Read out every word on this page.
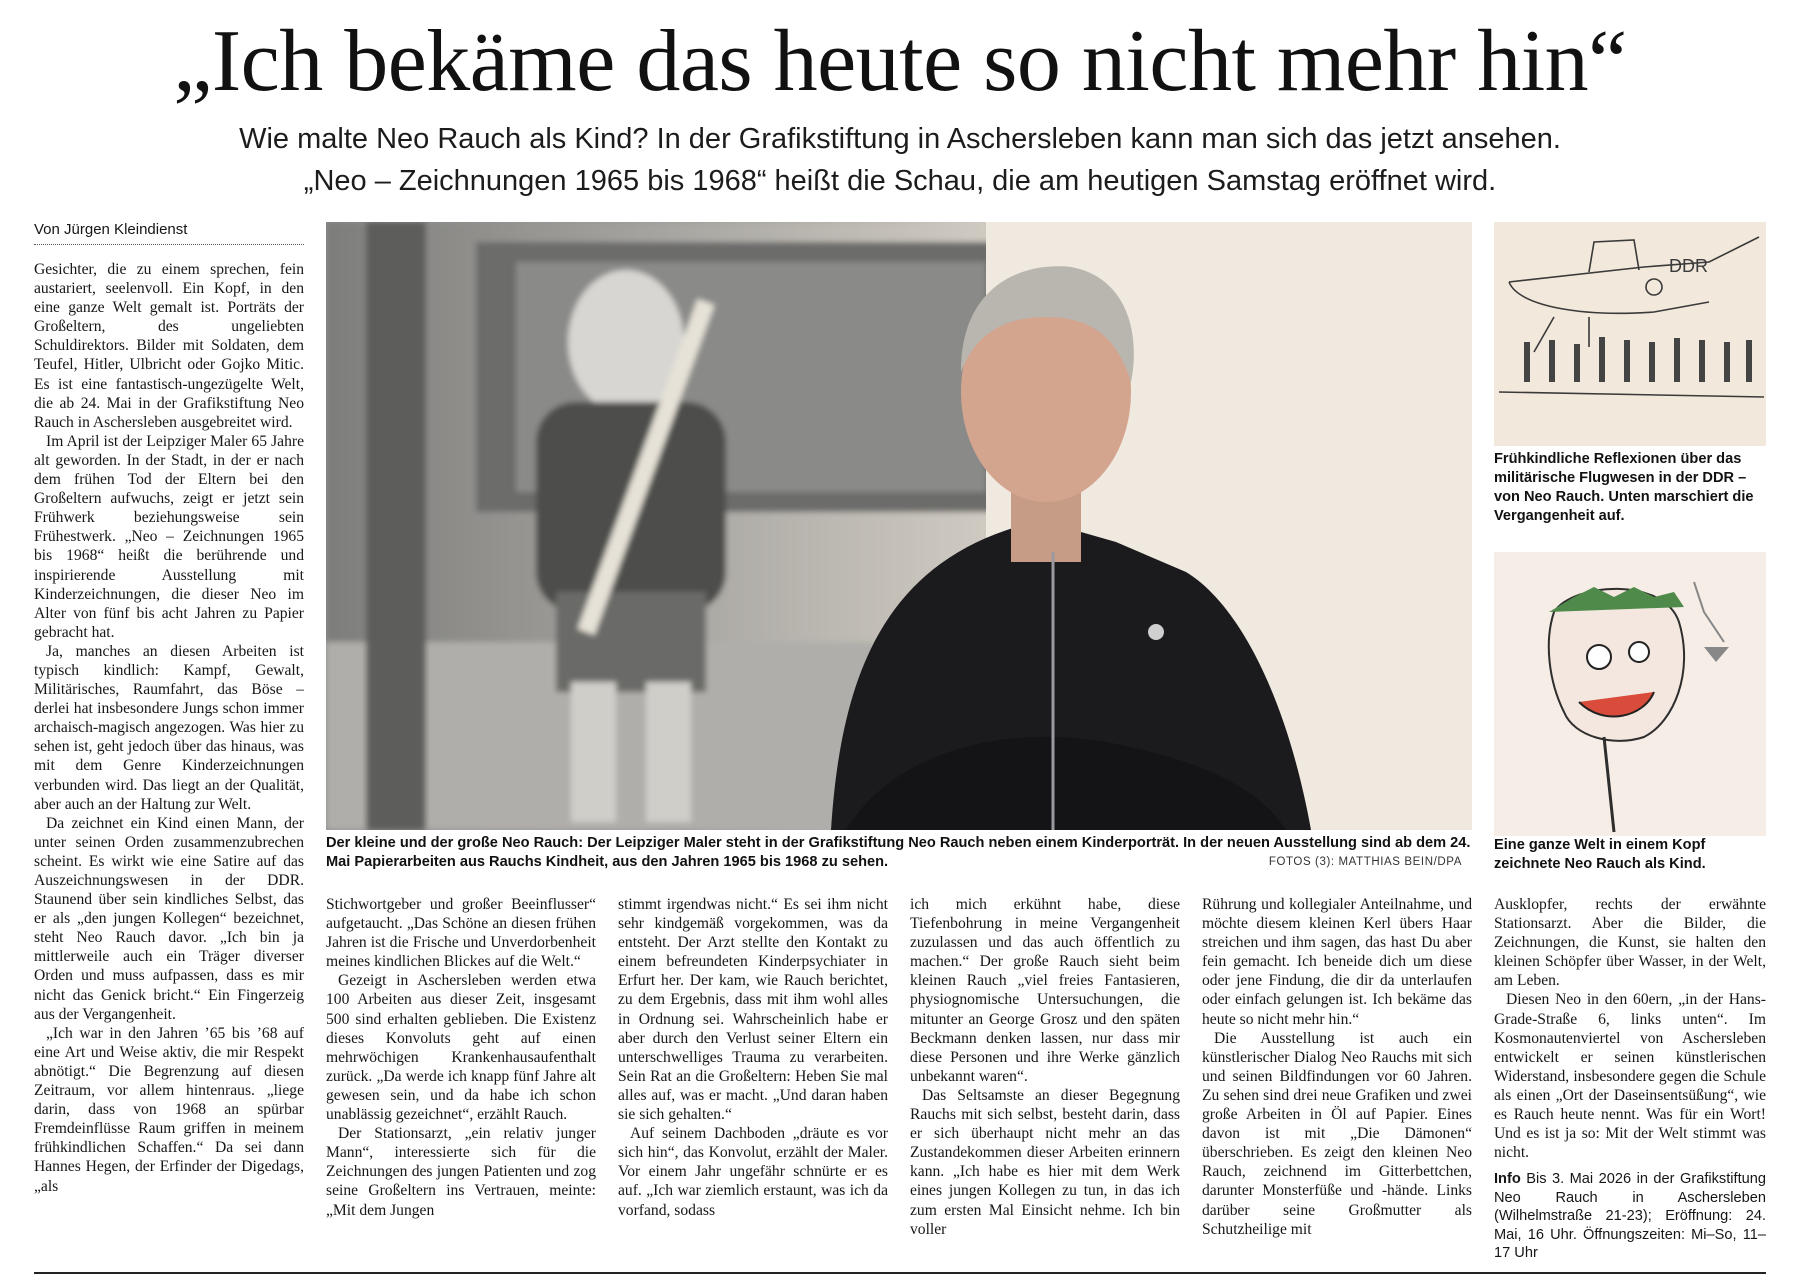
„Ich bekäme das heute so nicht mehr hin“
Wie malte Neo Rauch als Kind? In der Grafikstiftung in Aschersleben kann man sich das jetzt ansehen.
„Neo – Zeichnungen 1965 bis 1968“ heißt die Schau, die am heutigen Samstag eröffnet wird.
Von Jürgen Kleindienst

Gesichter, die zu einem sprechen, fein austariert, seelenvoll. Ein Kopf, in den eine ganze Welt gemalt ist. Porträts der Großeltern, des ungeliebten Schuldirektors. Bilder mit Soldaten, dem Teufel, Hitler, Ulbricht oder Gojko Mitic. Es ist eine fantastisch-ungezügelte Welt, die ab 24. Mai in der Grafikstiftung Neo Rauch in Aschersleben ausgebreitet wird.

Im April ist der Leipziger Maler 65 Jahre alt geworden. In der Stadt, in der er nach dem frühen Tod der Eltern bei den Großeltern aufwuchs, zeigt er jetzt sein Frühwerk beziehungsweise sein Frühestwerk. „Neo – Zeichnungen 1965 bis 1968“ heißt die berührende und inspirierende Ausstellung mit Kinderzeichnungen, die dieser Neo im Alter von fünf bis acht Jahren zu Papier gebracht hat.

Ja, manches an diesen Arbeiten ist typisch kindlich: Kampf, Gewalt, Militärisches, Raumfahrt, das Böse – derlei hat insbesondere Jungs schon immer archaisch-magisch angezogen. Was hier zu sehen ist, geht jedoch über das hinaus, was mit dem Genre Kinderzeichnungen verbunden wird. Das liegt an der Qualität, aber auch an der Haltung zur Welt.

Da zeichnet ein Kind einen Mann, der unter seinen Orden zusammenzubrechen scheint. Es wirkt wie eine Satire auf das Auszeichnungswesen in der DDR. Staunend über sein kindliches Selbst, das er als „den jungen Kollegen“ bezeichnet, steht Neo Rauch davor. „Ich bin ja mittlerweile auch ein Träger diverser Orden und muss aufpassen, dass es mir nicht das Genick bricht.“ Ein Fingerzeig aus der Vergangenheit.

„Ich war in den Jahren ’65 bis ’68 auf eine Art und Weise aktiv, die mir Respekt abnötigt.“ Die Begrenzung auf diesen Zeitraum, vor allem hintenraus. „liege darin, dass von 1968 an spürbar Fremdeinflüsse Raum griffen in meinem frühkindlichen Schaffen.“ Da sei dann Hannes Hegen, der Erfinder der Digedags, „als

Der kleine und der große Neo Rauch: Der Leipziger Maler steht in der Grafikstiftung Neo Rauch neben einem Kinderporträt. In der neuen Ausstellung sind ab dem 24. Mai Papierarbeiten aus Rauchs Kindheit, aus den Jahren 1965 bis 1968 zu sehen.	FOTOS (3): MATTHIAS BEIN/DPA
DDR
Frühkindliche Reflexionen über das militärische Flugwesen in der DDR – von Neo Rauch. Unten marschiert die Vergangenheit auf.
Eine ganze Welt in einem Kopf zeichnete Neo Rauch als Kind.

Stichwortgeber und großer Beeinflusser“ aufgetaucht. „Das Schöne an diesen frühen Jahren ist die Frische und Unverdorbenheit meines kindlichen Blickes auf die Welt.“

Gezeigt in Aschersleben werden etwa 100 Arbeiten aus dieser Zeit, insgesamt 500 sind erhalten geblieben. Die Existenz dieses Konvoluts geht auf einen mehrwöchigen Krankenhausaufenthalt zurück. „Da werde ich knapp fünf Jahre alt gewesen sein, und da habe ich schon unablässig gezeichnet“, erzählt Rauch.

Der Stationsarzt, „ein relativ junger Mann“, interessierte sich für die Zeichnungen des jungen Patienten und zog seine Großeltern ins Vertrauen, meinte: „Mit dem Jungen

stimmt irgendwas nicht.“ Es sei ihm nicht sehr kindgemäß vorgekommen, was da entsteht. Der Arzt stellte den Kontakt zu einem befreundeten Kinderpsychiater in Erfurt her. Der kam, wie Rauch berichtet, zu dem Ergebnis, dass mit ihm wohl alles in Ordnung sei. Wahrscheinlich habe er aber durch den Verlust seiner Eltern ein unterschwelliges Trauma zu verarbeiten. Sein Rat an die Großeltern: Heben Sie mal alles auf, was er macht. „Und daran haben sie sich gehalten.“

Auf seinem Dachboden „dräute es vor sich hin“, das Konvolut, erzählt der Maler. Vor einem Jahr ungefähr schnürte er es auf. „Ich war ziemlich erstaunt, was ich da vorfand, sodass

ich mich erkühnt habe, diese Tiefenbohrung in meine Vergangenheit zuzulassen und das auch öffentlich zu machen.“ Der große Rauch sieht beim kleinen Rauch „viel freies Fantasieren, physiognomische Untersuchungen, die mitunter an George Grosz und den späten Beckmann denken lassen, nur dass mir diese Personen und ihre Werke gänzlich unbekannt waren“.

Das Seltsamste an dieser Begegnung Rauchs mit sich selbst, besteht darin, dass er sich überhaupt nicht mehr an das Zustandekommen dieser Arbeiten erinnern kann. „Ich habe es hier mit dem Werk eines jungen Kollegen zu tun, in das ich zum ersten Mal Einsicht nehme. Ich bin voller

Rührung und kollegialer Anteilnahme, und möchte diesem kleinen Kerl übers Haar streichen und ihm sagen, das hast Du aber fein gemacht. Ich beneide dich um diese oder jene Findung, die dir da unterlaufen oder einfach gelungen ist. Ich bekäme das heute so nicht mehr hin.“

Die Ausstellung ist auch ein künstlerischer Dialog Neo Rauchs mit sich und seinen Bildfindungen vor 60 Jahren. Zu sehen sind drei neue Grafiken und zwei große Arbeiten in Öl auf Papier. Eines davon ist mit „Die Dämonen“ überschrieben. Es zeigt den kleinen Neo Rauch, zeichnend im Gitterbettchen, darunter Monsterfüße und -hände. Links darüber seine Großmutter als Schutzheilige mit

Ausklopfer, rechts der erwähnte Stationsarzt. Aber die Bilder, die Zeichnungen, die Kunst, sie halten den kleinen Schöpfer über Wasser, in der Welt, am Leben.

Diesen Neo in den 60ern, „in der Hans-Grade-Straße 6, links unten“. Im Kosmonautenviertel von Aschersleben entwickelt er seinen künstlerischen Widerstand, insbesondere gegen die Schule als einen „Ort der Daseinsentsüßung“, wie es Rauch heute nennt. Was für ein Wort! Und es ist ja so: Mit der Welt stimmt was nicht.

Info Bis 3. Mai 2026 in der Grafikstiftung Neo Rauch in Aschersleben (Wilhelmstraße 21-23); Eröffnung: 24. Mai, 16 Uhr. Öffnungszeiten: Mi–So, 11–17 Uhr
